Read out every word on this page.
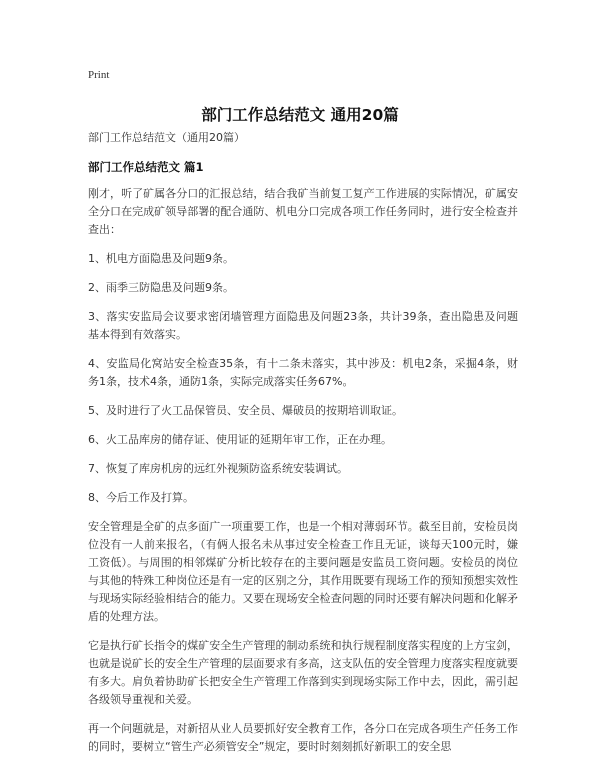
Print
部门工作总结范文 通用20篇

部门工作总结范文（通用20篇）

部门工作总结范文 篇1

刚才，听了矿属各分口的汇报总结，结合我矿当前复工复产工作进展的实际情况，矿属安全分口在完成矿领导部署的配合通防、机电分口完成各项工作任务同时，进行安全检查并查出：

1、机电方面隐患及问题9条。

2、雨季三防隐患及问题9条。

3、落实安监局会议要求密闭墙管理方面隐患及问题23条，共计39条，查出隐患及问题基本得到有效落实。

4、安监局化窝站安全检查35条，有十二条未落实，其中涉及：机电2条，采掘4条，财务1条，技术4条，通防1条，实际完成落实任务67%。

5、及时进行了火工品保管员、安全员、爆破员的按期培训取证。

6、火工品库房的储存证、使用证的延期年审工作，正在办理。

7、恢复了库房机房的远红外视频防盗系统安装调试。

8、今后工作及打算。

安全管理是全矿的点多面广一项重要工作，也是一个相对薄弱环节。截至目前，安检员岗位没有一人前来报名，（有俩人报名未从事过安全检查工作且无证，谈每天100元时，嫌工资低）。与周围的相邻煤矿分析比较存在的主要问题是安监员工资问题。安检员的岗位与其他的特殊工种岗位还是有一定的区别之分，其作用既要有现场工作的预知预想实效性与现场实际经验相结合的能力。又要在现场安全检查问题的同时还要有解决问题和化解矛盾的处理方法。

它是执行矿长指令的煤矿安全生产管理的制动系统和执行规程制度落实程度的上方宝剑，也就是说矿长的安全生产管理的层面要求有多高，这支队伍的安全管理力度落实程度就要有多大。肩负着协助矿长把安全生产管理工作落到实到现场实际工作中去，因此，需引起各级领导重视和关爱。

再一个问题就是，对新招从业人员要抓好安全教育工作，各分口在完成各项生产任务工作的同时，要树立“管生产必须管安全”规定，要时时刻刻抓好新职工的安全思
